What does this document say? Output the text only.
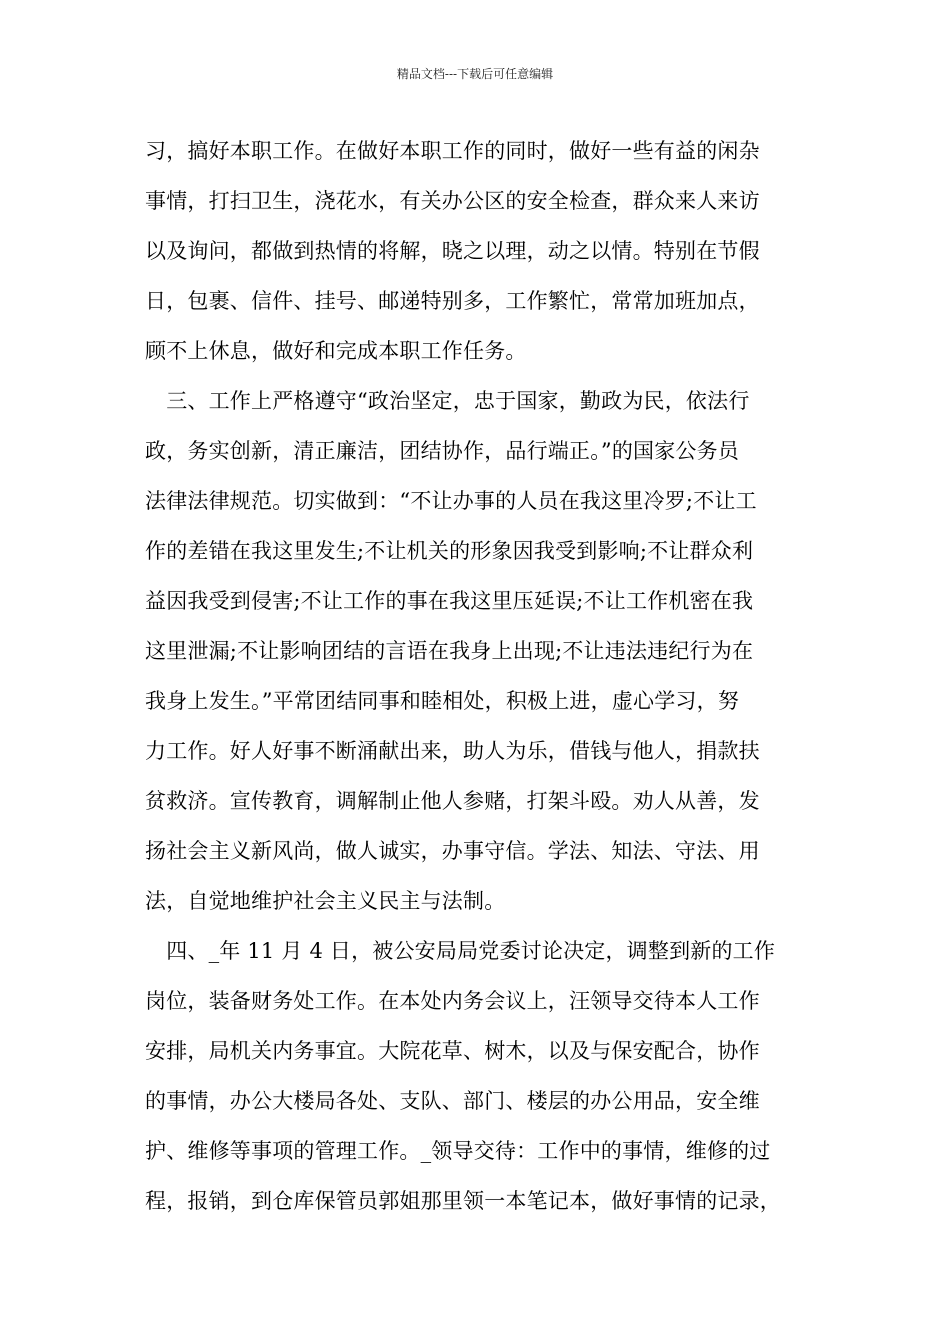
精品文档---下载后可任意编辑
习，搞好本职工作。在做好本职工作的同时，做好一些有益的闲杂
事情，打扫卫生，浇花水，有关办公区的安全检查，群众来人来访
以及询问，都做到热情的将解，晓之以理，动之以情。特别在节假
日，包裹、信件、挂号、邮递特别多，工作繁忙，常常加班加点，
顾不上休息，做好和完成本职工作任务。
　三、工作上严格遵守“政治坚定，忠于国家，勤政为民，依法行
政，务实创新，清正廉洁，团结协作，品行端正。”的国家公务员
法律法律规范。切实做到：“不让办事的人员在我这里冷罗;不让工
作的差错在我这里发生;不让机关的形象因我受到影响;不让群众利
益因我受到侵害;不让工作的事在我这里压延误;不让工作机密在我
这里泄漏;不让影响团结的言语在我身上出现;不让违法违纪行为在
我身上发生。”平常团结同事和睦相处，积极上进，虚心学习，努
力工作。好人好事不断涌献出来，助人为乐，借钱与他人，捐款扶
贫救济。宣传教育，调解制止他人参赌，打架斗殴。劝人从善，发
扬社会主义新风尚，做人诚实，办事守信。学法、知法、守法、用
法，自觉地维护社会主义民主与法制。
　四、_年 11 月 4 日，被公安局局党委讨论决定，调整到新的工作
岗位，装备财务处工作。在本处内务会议上，汪领导交待本人工作
安排，局机关内务事宜。大院花草、树木，以及与保安配合，协作
的事情，办公大楼局各处、支队、部门、楼层的办公用品，安全维
护、维修等事项的管理工作。_领导交待：工作中的事情，维修的过
程，报销，到仓库保管员郭姐那里领一本笔记本，做好事情的记录，
